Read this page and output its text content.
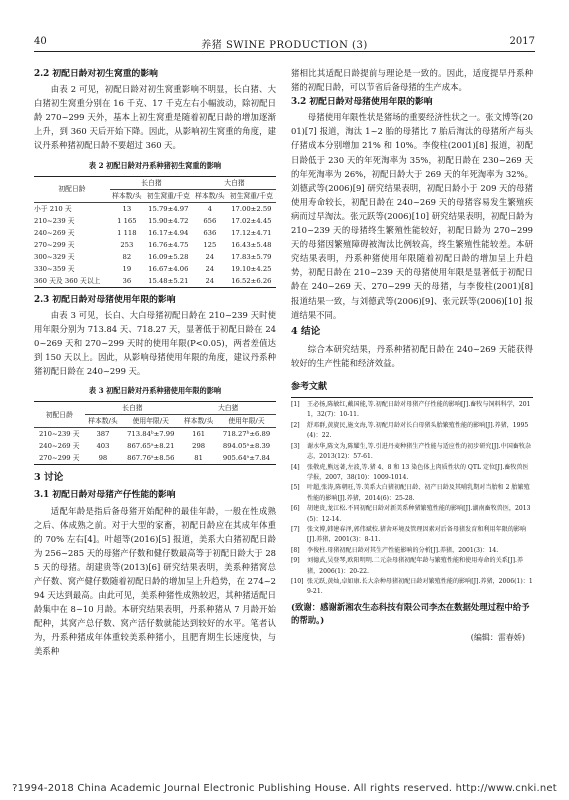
40	养猪 SWINE PRODUCTION (3)	2017
2.2 初配日龄对初生窝重的影响
由表 2 可见，初配日龄对初生窝重影响不明显，长白猪、大白猪初生窝重分别在 16 千克、17 千克左右小幅波动，除初配日龄 270~299 天外，基本上初生窝重是随着初配日龄的增加逐渐上升，到 360 天后开始下降。因此，从影响初生窝重的角度，建议丹系种猪初配日龄不要超过 360 天。
表 2 初配日龄对丹系种猪初生窝重的影响
初配日龄	长白猪		大白猪	
	样本数/头	初生窝重/千克	样本数/头	初生窝重/千克
小于 210 天	13	15.79±4.97	4	17.00±2.59
210~239 天	1 165	15.90±4.72	656	17.02±4.45
240~269 天	1 118	16.17±4.94	636	17.12±4.71
270~299 天	253	16.76±4.75	125	16.43±5.48
300~329 天	82	16.09±5.28	24	17.83±5.79
330~359 天	19	16.67±4.06	24	19.10±4.25
360 天及 360 天以上	36	15.48±5.21	24	16.52±6.26
2.3 初配日龄对母猪使用年限的影响
由表 3 可见，长白、大白母猪初配日龄在 210~239 天时使用年限分别为 713.84 天、718.27 天，显著低于初配日龄在 240~269 天和 270~299 天时的使用年限(P<0.05)，两者差值达到 150 天以上。因此，从影响母猪使用年限的角度，建议丹系种猪初配日龄在 240~299 天。
表 3 初配日龄对丹系种猪使用年限的影响
初配日龄	长白猪		大白猪	
	样本数/头	使用年限/天	样本数/头	使用年限/天
210~239 天	387	713.84ᵇ±7.99	161	718.27ᵇ±6.89
240~269 天	403	867.65ᵃ±8.21	298	894.05ᵃ±8.39
270~299 天	98	867.76ᵃ±8.56	81	905.64ᵃ±7.84
3 讨论
3.1 初配日龄对母猪产仔性能的影响
适配年龄是指后备母猪开始配种的最佳年龄，一般在性成熟之后、体成熟之前。对于大型的家畜，初配日龄应在其成年体重的 70% 左右[4]。叶超等(2016)[5] 报道，美系大白猪初配日龄为 256~285 天的母猪产仔数和健仔数最高等于初配日龄大于 285 天的母猪。胡建贵等(2013)[6] 研究结果表明，美系种猪窝总产仔数、窝产健仔数随着初配日龄的增加呈上升趋势，在 274~294 天达到最高。由此可见，美系种猪性成熟较迟，其种猪适配日龄集中在 8~10 月龄。本研究结果表明，丹系种猪从 7 月龄开始配种，其窝产总仔数、窝产活仔数就能达到较好的水平。笔者认为，丹系种猪成年体重较美系种猪小，且肥育期生长速度快，与美系种
猪相比其适配日龄提前与理论是一致的。因此，适度提早丹系种猪的初配日龄，可以节省后备母猪的生产成本。
3.2 初配日龄对母猪使用年限的影响
母猪使用年限性状是猪场的重要经济性状之一。张文博等(2001)[7] 报道，淘汰 1~2 胎的母猪比 7 胎后淘汰的母猪所产每头仔猪成本分别增加 21% 和 10%。李俊柱(2001)[8] 报道，初配日龄低于 230 天的年死淘率为 35%，初配日龄在 230~269 天的年死淘率为 26%，初配日龄大于 269 天的年死淘率为 32%。刘德武等(2006)[9] 研究结果表明，初配日龄小于 209 天的母猪使用寿命较长，初配日龄在 240~269 天的母猪容易发生繁殖疾病而过早淘汰。张元跃等(2006)[10] 研究结果表明，初配日龄为 210~239 天的母猪终生繁殖性能较好，初配日龄为 270~299 天的母猪因繁殖障碍被淘汰比例较高，终生繁殖性能较差。本研究结果表明，丹系种猪使用年限随着初配日龄的增加呈上升趋势，初配日龄在 210~239 天的母猪使用年限是显著低于初配日龄在 240~269 天、270~299 天的母猪，与李俊柱(2001)[8] 报道结果一致，与刘德武等(2006)[9]、张元跃等(2006)[10] 报道结果不同。
4 结论
综合本研究结果，丹系种猪初配日龄在 240~269 天能获得较好的生产性能和经济效益。
参考文献
[1]	王必扬,陈敏红,戴国能,等.初配日龄对母猪产仔性能的影响[J].畜牧与饲料科学，2011，32(7)：10-11.
[2]	舒邓群,黄旋民,施文海,等.初配月龄对长白母猪头胎繁殖性能的影响[J].养猪，1995(4)：22.
[3]	谢水华,陈文为,陈耀生,等.引进丹麦种猪生产性能与适应性的初步研究[J].中国畜牧杂志，2013(12)：57-61.
[4]	张敬虎,熊远著,左波,等.猪 4、8 和 13 染色体上肉质性状的 QTL 定位[J].畜牧兽医学报，2007，38(10)：1009-1014.
[5]	叶超,张涛,陈朝旺,等.美系大白猪初配日龄、初产日龄及其哺乳期对当胎和 2 胎繁殖性能的影响[J].养猪，2014(6)：25-28.
[6]	胡建贵,龙江松.不同初配日龄对新美系种猪繁殖性能的影响[J].湖南畜牧兽医，2013(5)：12-14.
[7]	张文博,韩建春泽,郭伟斌校.猪舍环境及管理因素对后备母猪发育和利用年限的影响[J].养猪，2001(3)：8-11.
[8]	李俊柱.母猪初配日龄对其生产性能影响的分析[J].养猪，2001(3)：14.
[9]	刘德武,吴登琴,欧阳明明.二元杂母猪初配年龄与繁殖性能和使用寿命的关系[J].养猪，2006(1)：20-22.
[10] 张元跃,黄灿,卓如康.长大杂种母猪初配日龄对繁殖性能的影响[J].养猪，2006(1)：19-21.
(致谢：感谢新湘农生态科技有限公司李杰在数据处理过程中给予的帮助。)
(编辑：雷春娇)
?1994-2018 China Academic Journal Electronic Publishing House. All rights reserved. http://www.cnki.net
